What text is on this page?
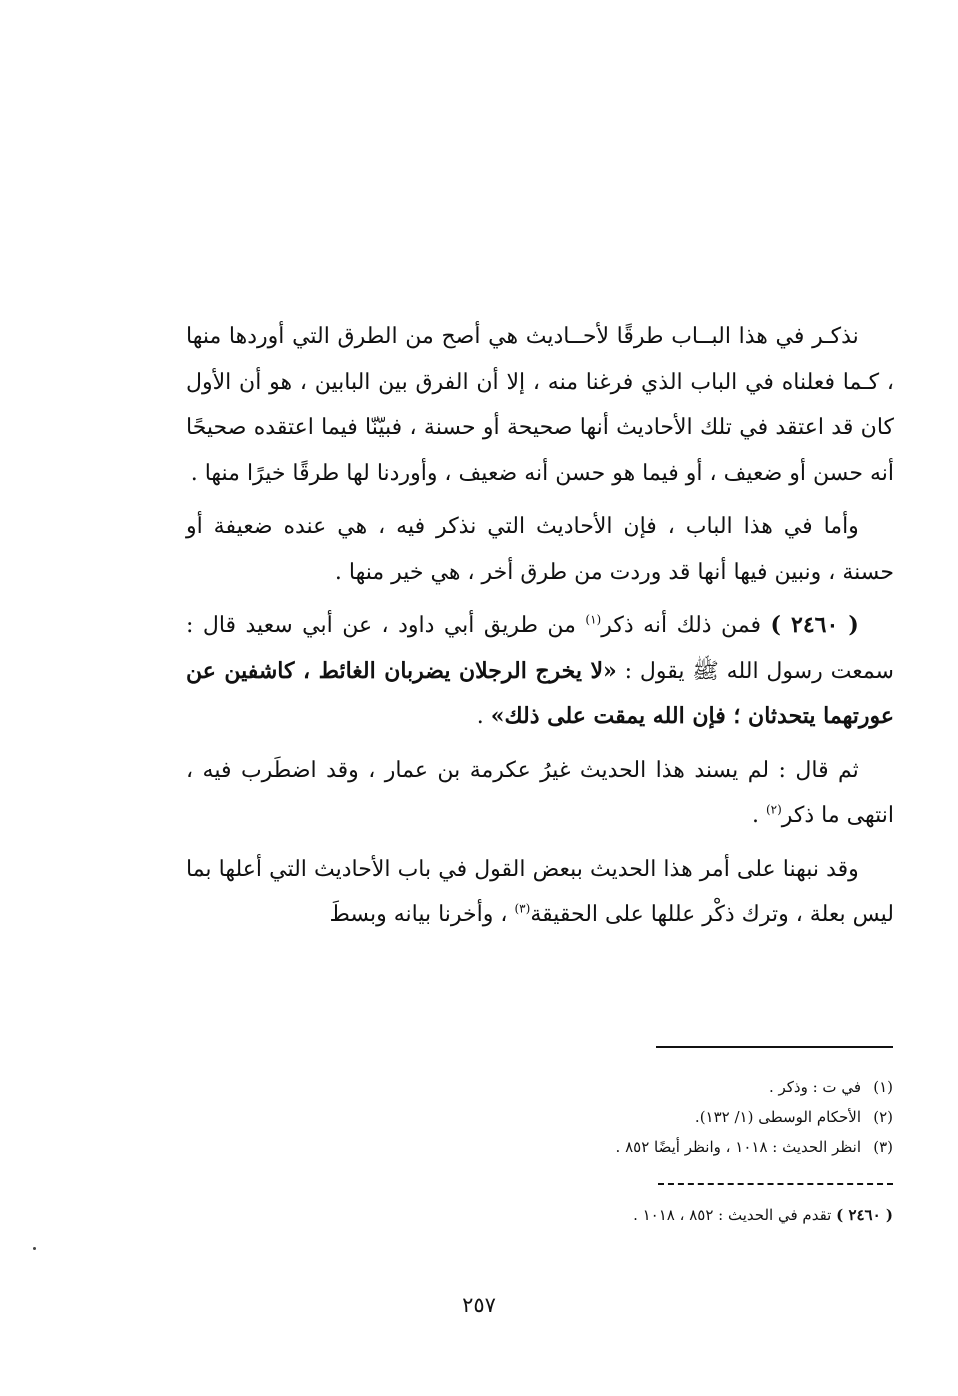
نذكـر في هذا البــاب طرقًا لأحــاديث هي أصح من الطرق التي أوردها منها ، كـما فعلناه في الباب الذي فرغنا منه ، إلا أن الفرق بين البابين ، هو أن الأول كان قد اعتقد في تلك الأحاديث أنها صحيحة أو حسنة ، فبيّنّا فيما اعتقده صحيحًا أنه حسن أو ضعيف ، أو فيما هو حسن أنه ضعيف ، وأوردنا لها طرقًا خيرًا منها .

وأما في هذا الباب ، فإن الأحاديث التي نذكر فيه ، هي عنده ضعيفة أو حسنة ، ونبين فيها أنها قد وردت من طرق أخر ، هي خير منها .

( ٢٤٦٠ ) فمن ذلك أنه ذكر$^{(١)}$ من طريق أبي داود ، عن أبي سعيد قال : سمعت رسول الله ﷺ يقول : «لا يخرج الرجلان يضربان الغائط ، كاشفين عن عورتهما يتحدثان ؛ فإن الله يمقت على ذلك» .

ثم قال : لم يسند هذا الحديث غيرُ عكرمة بن عمار ، وقد اضطَرب فيه ، انتهى ما ذكر$^{(٢)}$ .

وقد نبهنا على أمر هذا الحديث ببعض القول في باب الأحاديث التي أعلها بما ليس بعلة ، وترك ذكْر عللها على الحقيقة$^{(٣)}$ ، وأخرنا بيانه وبسطَ

(١)في ت : وذكر .
(٢)الأحكام الوسطى (١/ ١٣٢).
(٣)انظر الحديث : ١٠١٨ ، وانظر أيضًا ٨٥٢ .
( ٢٤٦٠ ) تقدم في الحديث : ٨٥٢ ، ١٠١٨ .
٢٥٧
